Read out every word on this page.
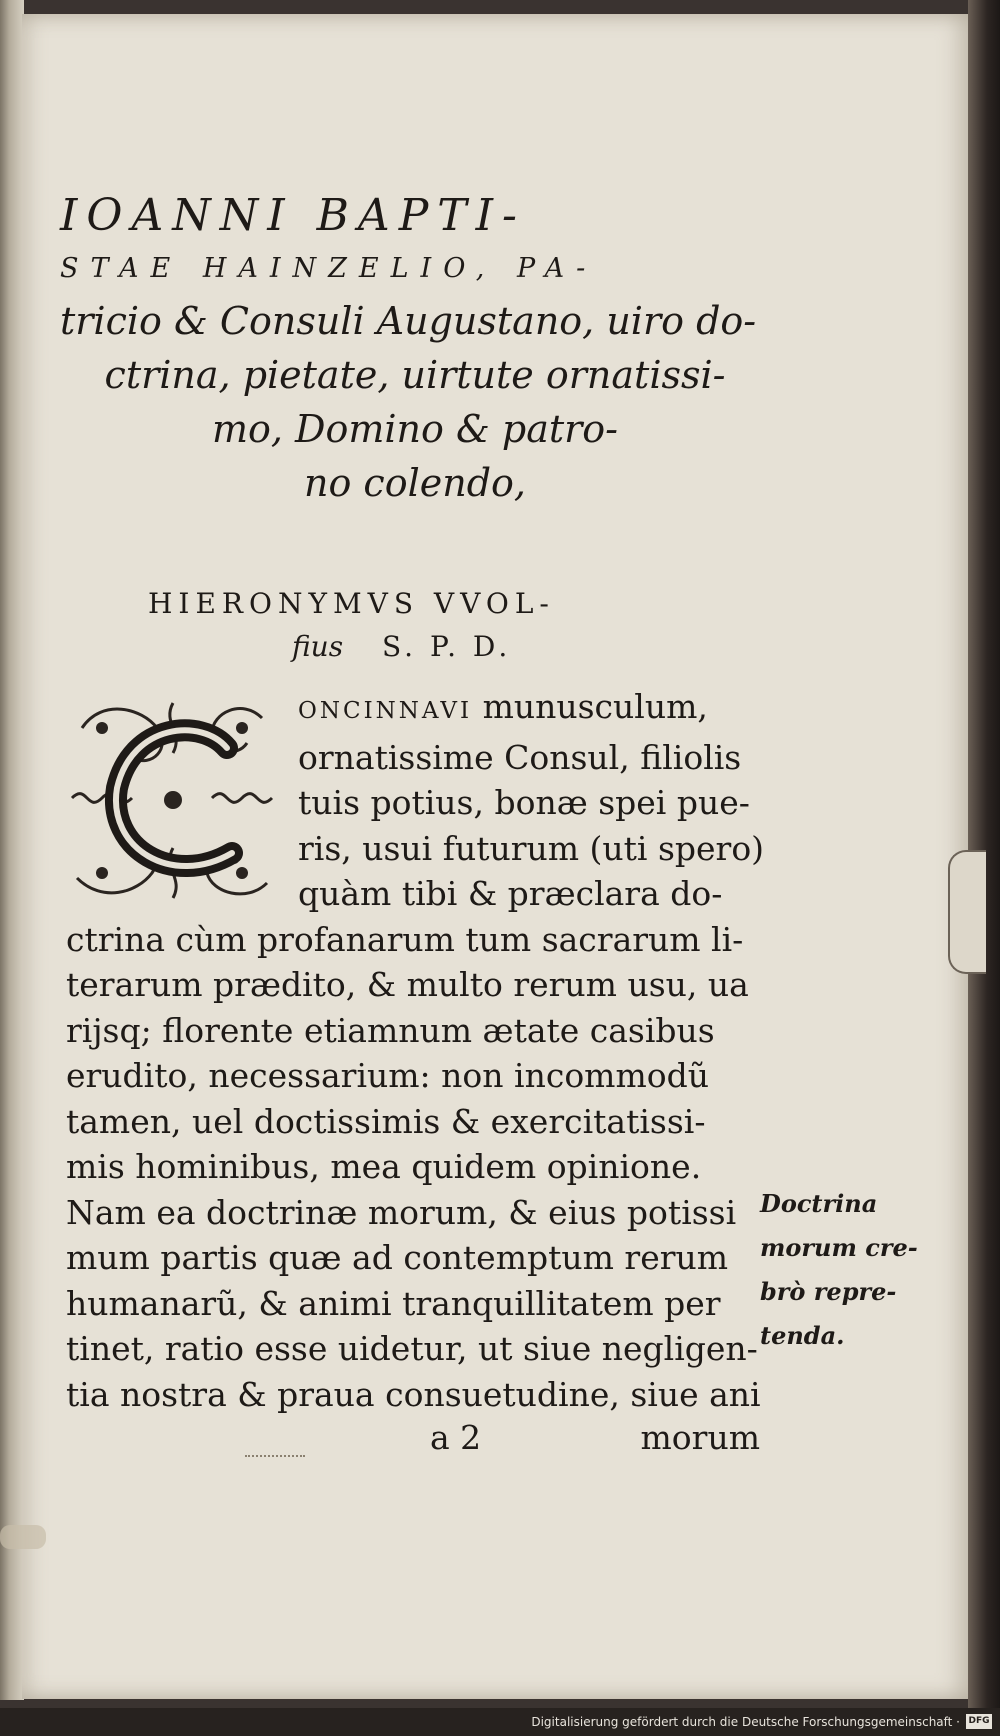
IOANNI BAPTI-
STAE HAINZELIO, PA-
tricio & Consuli Augustano, uiro do-
ctrina, pietate, uirtute ornatissi-
mo, Domino & patro-
no colendo,
HIERONYMVS VVOL-
fius S. P. D.
ONCINNAVI munusculum,
ornatissime Consul, filiolis
tuis potius, bonæ spei pue-
ris, usui futurum (uti spero)
quàm tibi & præclara do-
ctrina cùm profanarum tum sacrarum li-
terarum prædito, & multo rerum usu, ua
rijsq; florente etiamnum ætate casibus
erudito, necessarium: non incommodũ
tamen, uel doctissimis & exercitatissi-
mis hominibus, mea quidem opinione.
Nam ea doctrinæ morum, & eius potissi
mum partis quæ ad contemptum rerum
humanarũ, & animi tranquillitatem per
tinet, ratio esse uidetur, ut siue negligen-
tia nostra & praua consuetudine, siue ani
Doctrina
morum cre-
brò repre-
tenda.
a 2	morum
Digitalisierung gefördert durch die Deutsche Forschungsgemeinschaft · DFG
